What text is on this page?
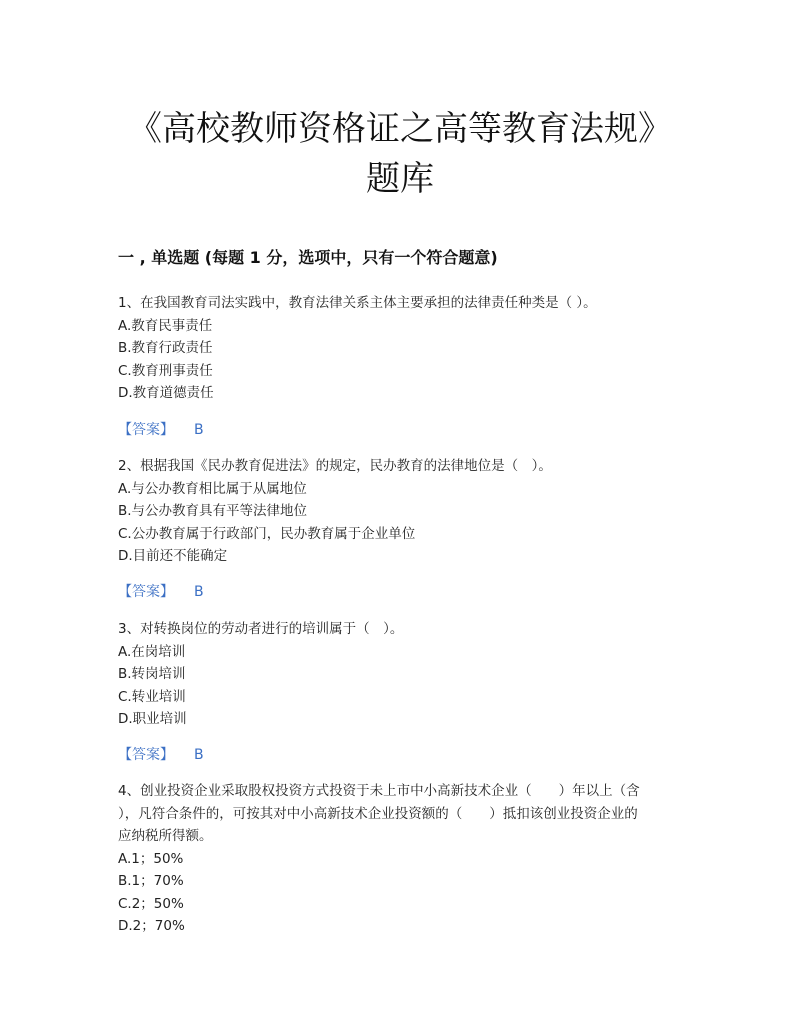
《高校教师资格证之高等教育法规》
题库
一 , 单选题 (每题 1 分，选项中，只有一个符合题意)

1、在我国教育司法实践中，教育法律关系主体主要承担的法律责任种类是（ ）。

A.教育民事责任

B.教育行政责任

C.教育刑事责任

D.教育道德责任

【答案】 B

2、根据我国《民办教育促进法》的规定，民办教育的法律地位是（　）。

A.与公办教育相比属于从属地位

B.与公办教育具有平等法律地位

C.公办教育属于行政部门，民办教育属于企业单位

D.目前还不能确定

【答案】 B

3、对转换岗位的劳动者进行的培训属于（　）。

A.在岗培训

B.转岗培训

C.转业培训

D.职业培训

【答案】 B

4、创业投资企业采取股权投资方式投资于未上市中小高新技术企业（　　）年以上（含

），凡符合条件的，可按其对中小高新技术企业投资额的（　　）抵扣该创业投资企业的

应纳税所得额。

A.1；50%

B.1；70%

C.2；50%

D.2；70%
